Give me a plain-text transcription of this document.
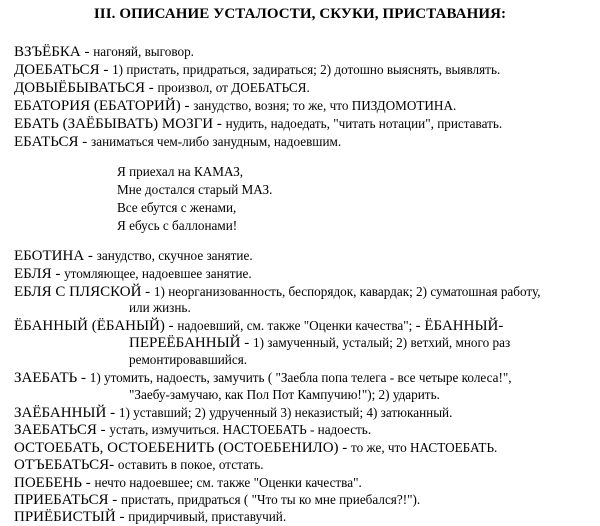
III. ОПИСАНИЕ УСТАЛОСТИ, СКУКИ, ПРИСТАВАНИЯ:
ВЗЪЁБКА - нагоняй, выговор.
ДОЕБАТЬСЯ - 1) пристать, придраться, задираться; 2) дотошно выяснять, выявлять.
ДОВЫЁБЫВАТЬСЯ - произвол, от ДОЕБАТЬСЯ.
ЕБАТОРИЯ (ЕБАТОРИЙ) - занудство, возня; то же, что ПИЗДОМОТИНА.
ЕБАТЬ (ЗАЁБЫВАТЬ) МОЗГИ - нудить, надоедать, "читать нотации", приставать.
ЕБАТЬСЯ - заниматься чем-либо занудным, надоевшим.
Я приехал на КАМАЗ,
Мне достался старый МАЗ.
Все ебутся с женами,
Я ебусь с баллонами!
ЕБОТИНА - занудство, скучное занятие.
ЕБЛЯ - утомляющее, надоевшее занятие.
ЕБЛЯ С ПЛЯСКОЙ - 1) неорганизованность, беспорядок, кавардак; 2) суматошная работу,
или жизнь.
ЁБАННЫЙ (ЁБАНЫЙ) - надоевший, см. также "Оценки качества"; - ЁБАННЫЙ-
ПЕРЕЁБАННЫЙ - 1) замученный, усталый; 2) ветхий, много раз
ремонтировавшийся.
ЗАЕБАТЬ - 1) утомить, надоесть, замучить ( "Заебла попа телега - все четыре колеса!",
"Заебу-замучаю, как Пол Пот Кампучию!"); 2) ударить.
ЗАЁБАННЫЙ - 1) уставший; 2) удрученный 3) неказистый; 4) затюканный.
ЗАЕБАТЬСЯ - устать, измучиться. НАСТОЕБАТЬ - надоесть.
ОСТОЕБАТЬ, ОСТОЕБЕНИТЬ (ОСТОЕБЕНИЛО) - то же, что НАСТОЕБАТЬ.
ОТЪЕБАТЬСЯ- оставить в покое, отстать.
ПОЕБЕНЬ - нечто надоевшее; см. также "Оценки качества".
ПРИЕБАТЬСЯ - пристать, придраться ( "Что ты ко мне приебался?!").
ПРИЁБИСТЫЙ - придирчивый, приставучий.
